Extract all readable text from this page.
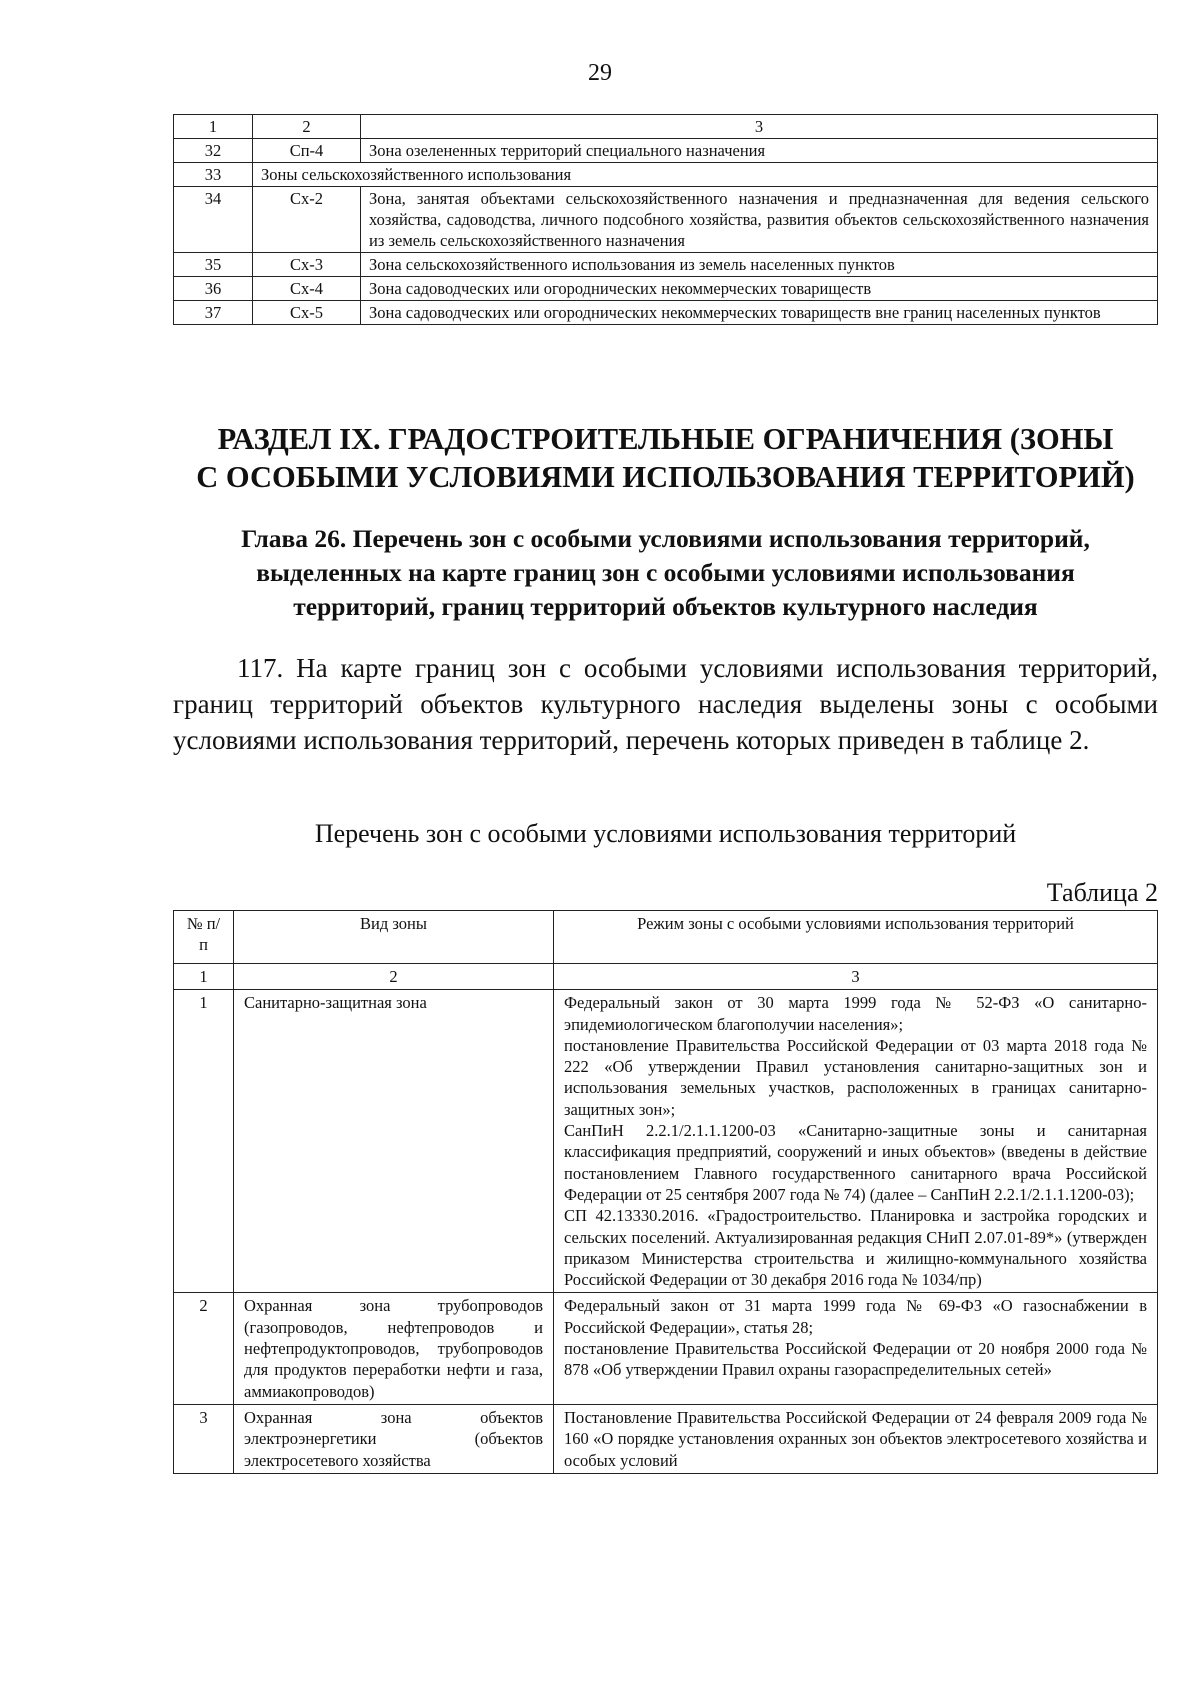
29
1	2	3
32	Сп-4	Зона озелененных территорий специального назначения
33	Зоны сельскохозяйственного использования	
34	Сх-2	Зона, занятая объектами сельскохозяйственного назначения и предназначенная для ведения сельского хозяйства, садоводства, личного подсобного хозяйства, развития объектов сельскохозяйственного назначения из земель сельскохозяйственного назначения
35	Сх-3	Зона сельскохозяйственного использования из земель населенных пунктов
36	Сх-4	Зона садоводческих или огороднических некоммерческих товариществ
37	Сх-5	Зона садоводческих или огороднических некоммерческих товариществ вне границ населенных пунктов
РАЗДЕЛ IX. ГРАДОСТРОИТЕЛЬНЫЕ ОГРАНИЧЕНИЯ (ЗОНЫ
С ОСОБЫМИ УСЛОВИЯМИ ИСПОЛЬЗОВАНИЯ ТЕРРИТОРИЙ)
Глава 26. Перечень зон с особыми условиями использования территорий,
выделенных на карте границ зон с особыми условиями использования
территорий, границ территорий объектов культурного наследия

117. На карте границ зон с особыми условиями использования территорий, границ территорий объектов культурного наследия выделены зоны с особыми условиями использования территорий, перечень которых приведен в таблице 2.

Перечень зон с особыми условиями использования территорий
Таблица 2
№ п/п	Вид зоны	Режим зоны с особыми условиями использования территорий
1	2	3
1	Санитарно-защитная зона	Федеральный закон от 30 марта 1999 года № 52-ФЗ «О санитарно-эпидемиологическом благополучии населения»;

постановление Правительства Российской Федерации от 03 марта 2018 года № 222 «Об утверждении Правил установления санитарно-защитных зон и использования земельных участков, расположенных в границах санитарно-защитных зон»;

СанПиН 2.2.1/2.1.1.1200-03 «Санитарно-защитные зоны и санитарная классификация предприятий, сооружений и иных объектов» (введены в действие постановлением Главного государственного санитарного врача Российской Федерации от 25 сентября 2007 года № 74) (далее – СанПиН 2.2.1/2.1.1.1200-03);

СП 42.13330.2016. «Градостроительство. Планировка и застройка городских и сельских поселений. Актуализированная редакция СНиП 2.07.01-89*» (утвержден приказом Министерства строительства и жилищно-коммунального хозяйства Российской Федерации от 30 декабря 2016 года № 1034/пр)

2	Охранная зона трубопроводов (газопроводов, нефтепроводов и нефтепродуктопроводов, трубопроводов для продуктов переработки нефти и газа, аммиакопроводов)	Федеральный закон от 31 марта 1999 года № 69-ФЗ «О газоснабжении в Российской Федерации», статья 28;

постановление Правительства Российской Федерации от 20 ноября 2000 года № 878 «Об утверждении Правил охраны газораспределительных сетей»

3	Охранная зона объектов электроэнергетики (объектов электросетевого хозяйства	Постановление Правительства Российской Федерации от 24 февраля 2009 года № 160 «О порядке установления охранных зон объектов электросетевого хозяйства и особых условий
